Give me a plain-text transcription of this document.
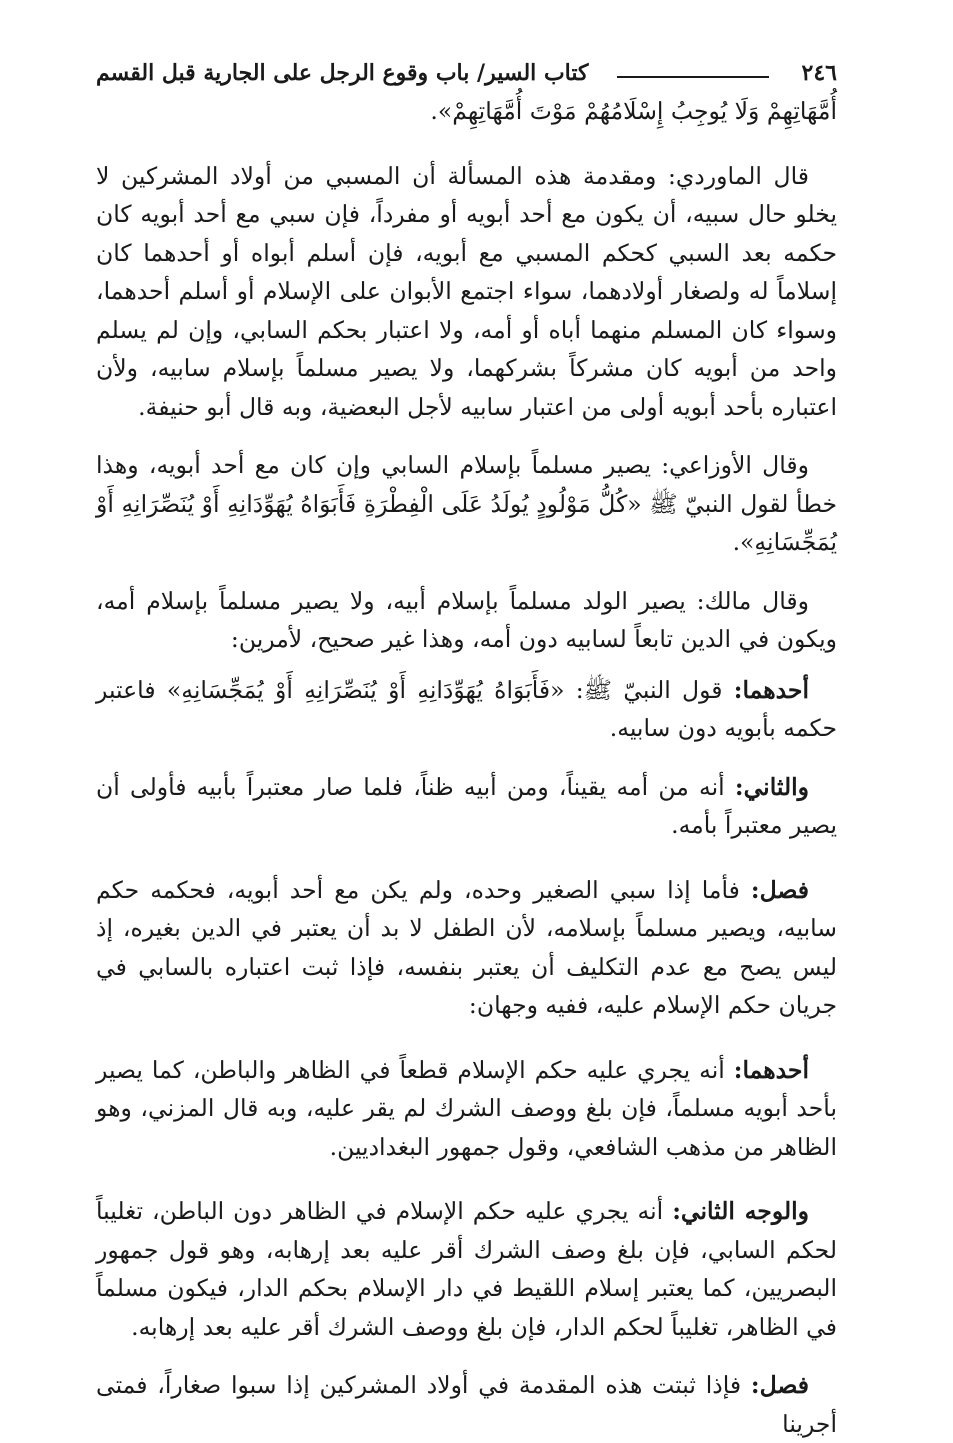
٢٤٦
كتاب السير/ باب وقوع الرجل على الجارية قبل القسم

أُمَّهَاتِهِمْ وَلَا يُوجِبُ إِسْلَامُهُمْ مَوْتَ أُمَّهَاتِهِمْ».

قال الماوردي: ومقدمة هذه المسألة أن المسبي من أولاد المشركين لا يخلو حال سبيه، أن يكون مع أحد أبويه أو مفرداً، فإن سبي مع أحد أبويه كان حكمه بعد السبي كحكم المسبي مع أبويه، فإن أسلم أبواه أو أحدهما كان إسلاماً له ولصغار أولادهما، سواء اجتمع الأبوان على الإسلام أو أسلم أحدهما، وسواء كان المسلم منهما أباه أو أمه، ولا اعتبار بحكم السابي، وإن لم يسلم واحد من أبويه كان مشركاً بشركهما، ولا يصير مسلماً بإسلام سابيه، ولأن اعتباره بأحد أبويه أولى من اعتبار سابيه لأجل البعضية، وبه قال أبو حنيفة.

وقال الأوزاعي: يصير مسلماً بإسلام السابي وإن كان مع أحد أبويه، وهذا خطأ لقول النبيّ ﷺ «كُلُّ مَوْلُودٍ يُولَدُ عَلَى الْفِطْرَةِ فَأَبَوَاهُ يُهَوِّدَانِهِ أَوْ يُنَصِّرَانِهِ أَوْ يُمَجِّسَانِهِ».

وقال مالك: يصير الولد مسلماً بإسلام أبيه، ولا يصير مسلماً بإسلام أمه، ويكون في الدين تابعاً لسابيه دون أمه، وهذا غير صحيح، لأمرين:

أحدهما: قول النبيّ ﷺ: «فَأَبَوَاهُ يُهَوِّدَانِهِ أَوْ يُنَصِّرَانِهِ أَوْ يُمَجِّسَانِهِ» فاعتبر حكمه بأبويه دون سابيه.

والثاني: أنه من أمه يقيناً، ومن أبيه ظناً، فلما صار معتبراً بأبيه فأولى أن يصير معتبراً بأمه.

فصل: فأما إذا سبي الصغير وحده، ولم يكن مع أحد أبويه، فحكمه حكم سابيه، ويصير مسلماً بإسلامه، لأن الطفل لا بد أن يعتبر في الدين بغيره، إذ ليس يصح مع عدم التكليف أن يعتبر بنفسه، فإذا ثبت اعتباره بالسابي في جريان حكم الإسلام عليه، ففيه وجهان:

أحدهما: أنه يجري عليه حكم الإسلام قطعاً في الظاهر والباطن، كما يصير بأحد أبويه مسلماً، فإن بلغ ووصف الشرك لم يقر عليه، وبه قال المزني، وهو الظاهر من مذهب الشافعي، وقول جمهور البغداديين.

والوجه الثاني: أنه يجري عليه حكم الإسلام في الظاهر دون الباطن، تغليباً لحكم السابي، فإن بلغ وصف الشرك أقر عليه بعد إرهابه، وهو قول جمهور البصريين، كما يعتبر إسلام اللقيط في دار الإسلام بحكم الدار، فيكون مسلماً في الظاهر، تغليباً لحكم الدار، فإن بلغ ووصف الشرك أقر عليه بعد إرهابه.

فصل: فإذا ثبتت هذه المقدمة في أولاد المشركين إذا سبوا صغاراً، فمتى أجرينا
